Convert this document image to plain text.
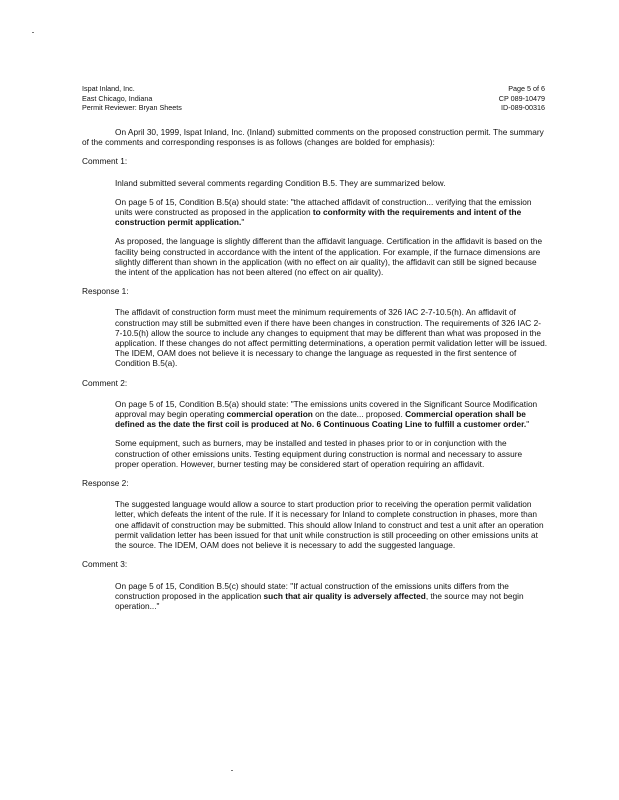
Ispat Inland, Inc.
East Chicago, Indiana
Permit Reviewer: Bryan Sheets
Page 5 of 6
CP 089-10479
ID-089-00316

On April 30, 1999, Ispat Inland, Inc. (Inland) submitted comments on the proposed construction permit. The summary of the comments and corresponding responses is as follows (changes are bolded for emphasis):

Comment 1:

Inland submitted several comments regarding Condition B.5. They are summarized below.

On page 5 of 15, Condition B.5(a) should state: "the attached affidavit of construction... verifying that the emission units were constructed as proposed in the application to conformity with the requirements and intent of the construction permit application."

As proposed, the language is slightly different than the affidavit language. Certification in the affidavit is based on the facility being constructed in accordance with the intent of the application. For example, if the furnace dimensions are slightly different than shown in the application (with no effect on air quality), the affidavit can still be signed because the intent of the application has not been altered (no effect on air quality).

Response 1:

The affidavit of construction form must meet the minimum requirements of 326 IAC 2-7-10.5(h). An affidavit of construction may still be submitted even if there have been changes in construction. The requirements of 326 IAC 2-7-10.5(h) allow the source to include any changes to equipment that may be different than what was proposed in the application. If these changes do not affect permitting determinations, a operation permit validation letter will be issued. The IDEM, OAM does not believe it is necessary to change the language as requested in the first sentence of Condition B.5(a).

Comment 2:

On page 5 of 15, Condition B.5(a) should state: "The emissions units covered in the Significant Source Modification approval may begin operating commercial operation on the date... proposed. Commercial operation shall be defined as the date the first coil is produced at No. 6 Continuous Coating Line to fulfill a customer order."

Some equipment, such as burners, may be installed and tested in phases prior to or in conjunction with the construction of other emissions units. Testing equipment during construction is normal and necessary to assure proper operation. However, burner testing may be considered start of operation requiring an affidavit.

Response 2:

The suggested language would allow a source to start production prior to receiving the operation permit validation letter, which defeats the intent of the rule. If it is necessary for Inland to complete construction in phases, more than one affidavit of construction may be submitted. This should allow Inland to construct and test a unit after an operation permit validation letter has been issued for that unit while construction is still proceeding on other emissions units at the source. The IDEM, OAM does not believe it is necessary to add the suggested language.

Comment 3:

On page 5 of 15, Condition B.5(c) should state: "If actual construction of the emissions units differs from the construction proposed in the application such that air quality is adversely affected, the source may not begin operation..."
